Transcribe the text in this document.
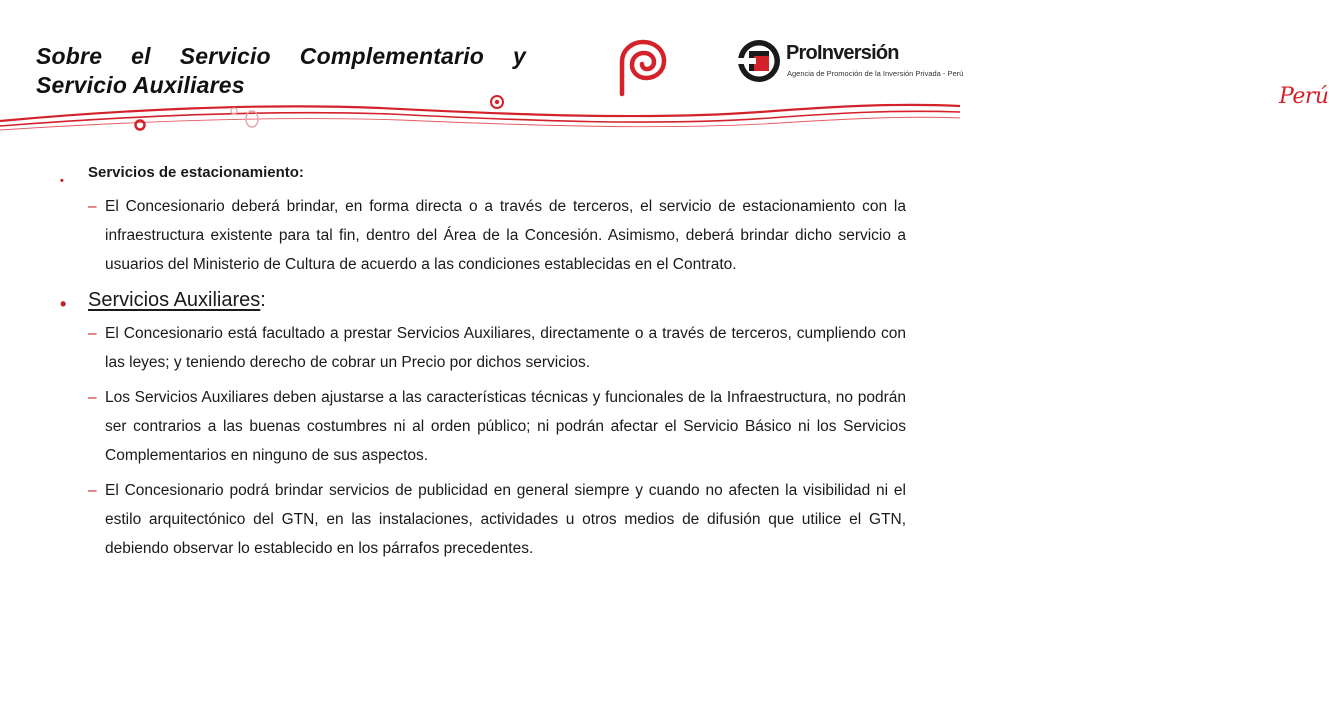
Sobre el Servicio Complementario y
Servicio Auxiliares	Perú
ProInversión
Agencia de Promoción de la Inversión Privada - Perú
• Servicios de estacionamiento:
– El Concesionario deberá brindar, en forma directa o a través de terceros, el servicio de estacionamiento con la infraestructura existente para tal fin, dentro del Área de la Concesión. Asimismo, deberá brindar dicho servicio a usuarios del Ministerio de Cultura de acuerdo a las condiciones establecidas en el Contrato.
• Servicios Auxiliares:
– El Concesionario está facultado a prestar Servicios Auxiliares, directamente o a través de terceros, cumpliendo con las leyes; y teniendo derecho de cobrar un Precio por dichos servicios.
– Los Servicios Auxiliares deben ajustarse a las características técnicas y funcionales de la Infraestructura, no podrán ser contrarios a las buenas costumbres ni al orden público; ni podrán afectar el Servicio Básico ni los Servicios Complementarios en ninguno de sus aspectos.
– El Concesionario podrá brindar servicios de publicidad en general siempre y cuando no afecten la visibilidad ni el estilo arquitectónico del GTN, en las instalaciones, actividades u otros medios de difusión que utilice el GTN, debiendo observar lo establecido en los párrafos precedentes.
